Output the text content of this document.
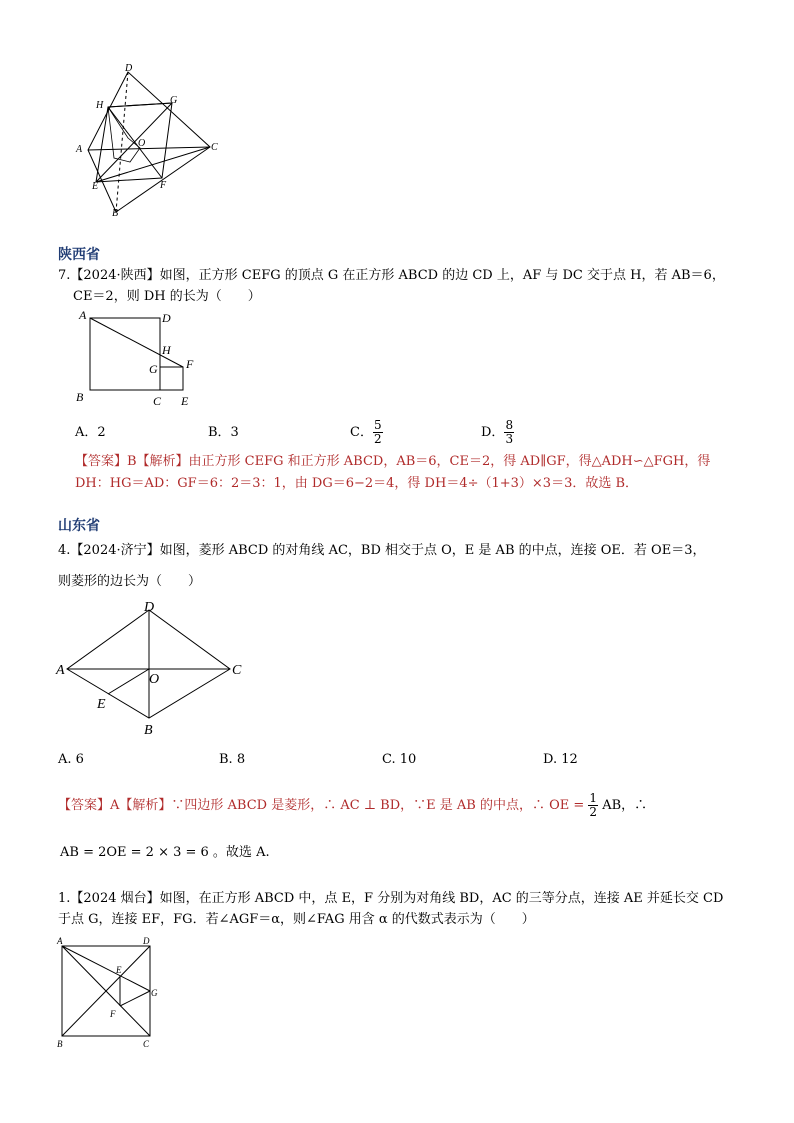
D
H	G
A
O	C
E	F
B
陕西省
7.【2024·陕西】如图，正方形 CEFG 的顶点 G 在正方形 ABCD 的边 CD 上，AF 与 DC 交于点 H，若 AB＝6，
CE＝2，则 DH 的长为（　　）
A	D
H
G F
B	C E
A．2	B．3	C． $\frac{5}{2}$	D． $\frac{8}{3}$
【答案】B【解析】由正方形 CEFG 和正方形 ABCD，AB＝6，CE＝2，得 AD∥GF，得△ADH∽△FGH，得
DH：HG＝AD：GF＝6：2＝3：1，由 DG＝6−2＝4，得 DH＝4÷（1+3）×3＝3．故选 B．
山东省
4.【2024·济宁】如图，菱形 ABCD 的对角线 AC，BD 相交于点 O，E 是 AB 的中点，连接 OE．若 OE＝3，
则菱形的边长为（　　）
D
A	C
O
E
B
A. 6	B. 8	C. 10	D. 12
【答案】A【解析】∵四边形 ABCD 是菱形，∴ AC ⊥ BD，∵E 是 AB 的中点，∴ OE = $\frac{1}{2}$ AB，∴
AB = 2OE = 2 × 3 = 6 。故选 A.
1.【2024 烟台】如图，在正方形 ABCD 中，点 E，F 分别为对角线 BD，AC 的三等分点，连接 AE 并延长交 CD
于点 G，连接 EF，FG．若∠AGF＝α，则∠FAG 用含 α 的代数式表示为（　　）
A	D
E
G
F
B	C
